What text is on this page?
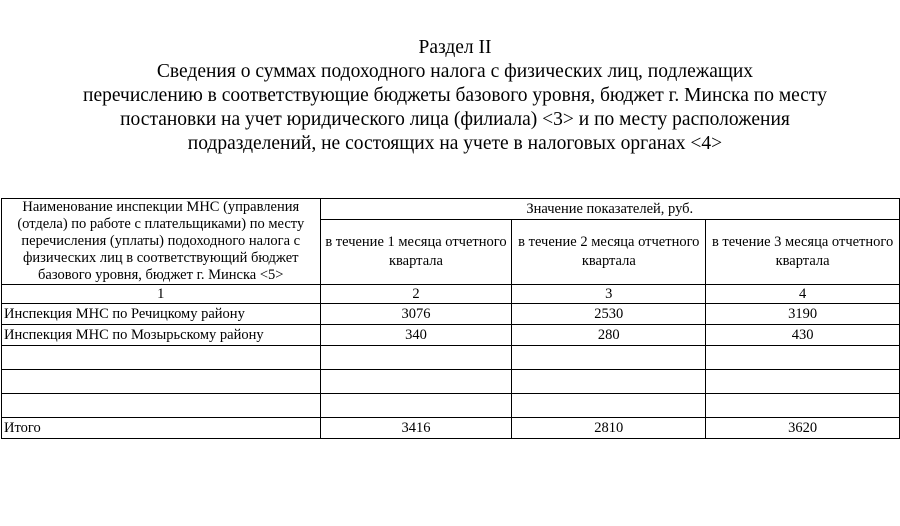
Раздел II
Сведения о суммах подоходного налога с физических лиц, подлежащих
перечислению в соответствующие бюджеты базового уровня, бюджет г. Минска по месту
постановки на учет юридического лица (филиала) <3> и по месту расположения
подразделений, не состоящих на учете в налоговых органах <4>
Наименование инспекции МНС (управления (отдела) по работе с плательщиками) по месту перечисления (уплаты) подоходного налога с физических лиц в соответствующий бюджет базового уровня, бюджет г. Минска <5>	Значение показателей, руб.		
	в течение 1 месяца отчетного квартала	в течение 2 месяца отчетного квартала	в течение 3 месяца отчетного квартала
1	2	3	4
Инспекция МНС по Речицкому району	3076	2530	3190
Инспекция МНС по Мозырьскому району	340	280	430

Итого	3416	2810	3620
